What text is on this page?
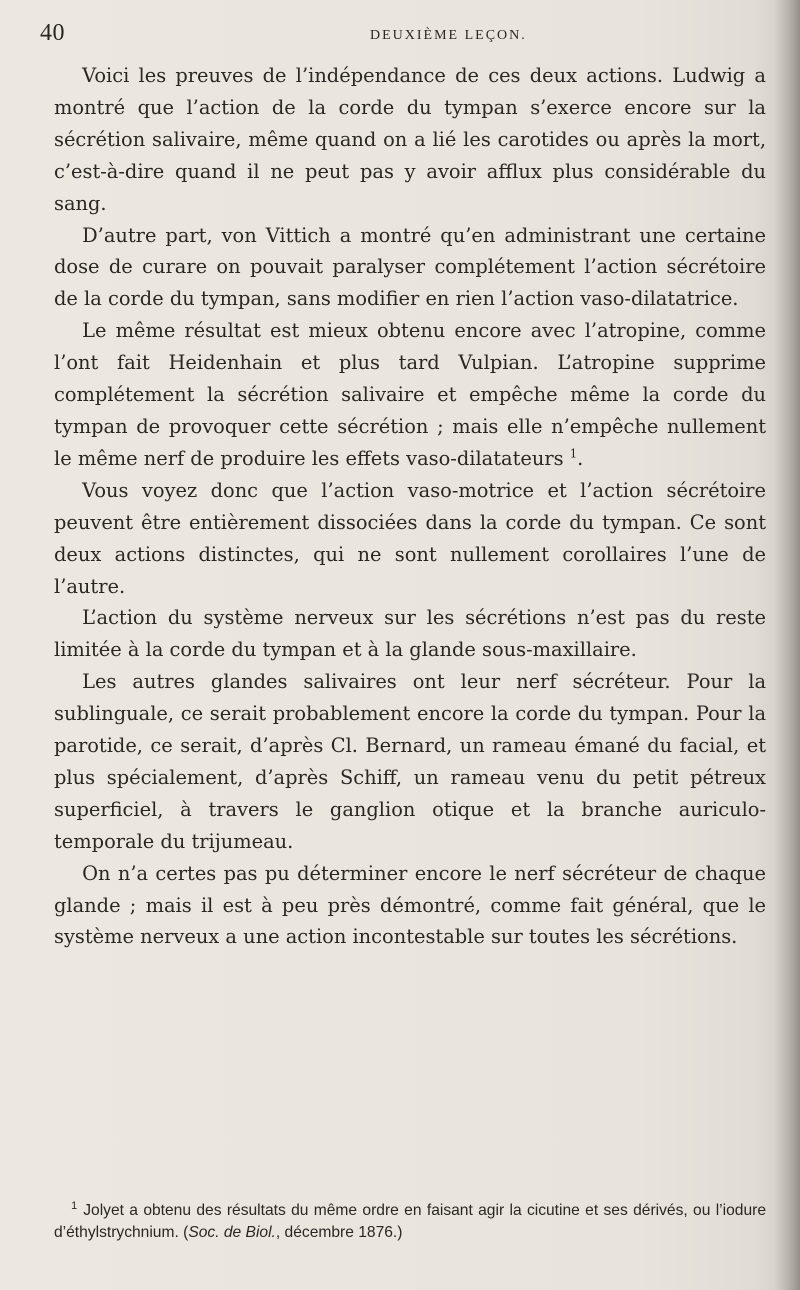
40	DEUXIÈME LEÇON.

Voici les preuves de l’indépendance de ces deux actions. Ludwig a montré que l’action de la corde du tympan s’exerce encore sur la sécrétion salivaire, même quand on a lié les carotides ou après la mort, c’est-à-dire quand il ne peut pas y avoir afflux plus considérable du sang.

D’autre part, von Vittich a montré qu’en administrant une certaine dose de curare on pouvait paralyser complétement l’action sécrétoire de la corde du tympan, sans modifier en rien l’action vaso-dilatatrice.

Le même résultat est mieux obtenu encore avec l’atropine, comme l’ont fait Heidenhain et plus tard Vulpian. L’atropine supprime complétement la sécrétion salivaire et empêche même la corde du tympan de provoquer cette sécrétion ; mais elle n’empêche nullement le même nerf de produire les effets vaso-dilatateurs $^1$.

Vous voyez donc que l’action vaso-motrice et l’action sécrétoire peuvent être entièrement dissociées dans la corde du tympan. Ce sont deux actions distinctes, qui ne sont nullement corollaires l’une de l’autre.

L’action du système nerveux sur les sécrétions n’est pas du reste limitée à la corde du tympan et à la glande sous-maxillaire.

Les autres glandes salivaires ont leur nerf sécréteur. Pour la sublinguale, ce serait probablement encore la corde du tympan. Pour la parotide, ce serait, d’après Cl. Bernard, un rameau émané du facial, et plus spécialement, d’après Schiff, un rameau venu du petit pétreux superficiel, à travers le ganglion otique et la branche auriculo-temporale du trijumeau.

On n’a certes pas pu déterminer encore le nerf sécréteur de chaque glande ; mais il est à peu près démontré, comme fait général, que le système nerveux a une action incontestable sur toutes les sécrétions.

$^1$ Jolyet a obtenu des résultats du même ordre en faisant agir la cicutine et ses dérivés, ou l’iodure d’éthylstrychnium. (Soc. de Biol., décembre 1876.)
